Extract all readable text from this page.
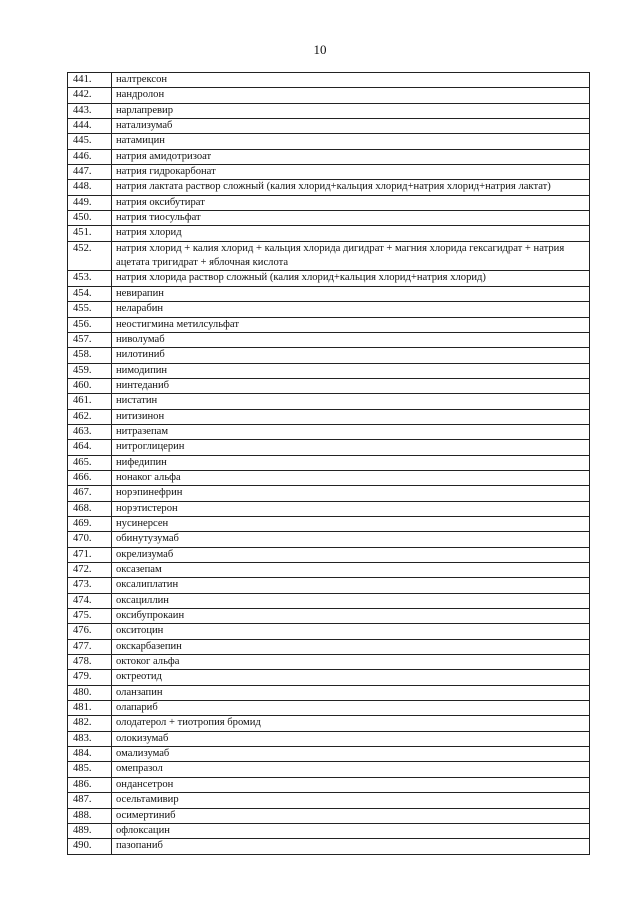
10
441.	налтрексон
442.	нандролон
443.	нарлапревир
444.	натализумаб
445.	натамицин
446.	натрия амидотризоат
447.	натрия гидрокарбонат
448.	натрия лактата раствор сложный (калия хлорид+кальция хлорид+натрия хлорид+натрия лактат)
449.	натрия оксибутират
450.	натрия тиосульфат
451.	натрия хлорид
452.	натрия хлорид + калия хлорид + кальция хлорида дигидрат + магния хлорида гексагидрат + натрия ацетата тригидрат + яблочная кислота
453.	натрия хлорида раствор сложный (калия хлорид+кальция хлорид+натрия хлорид)
454.	невирапин
455.	неларабин
456.	неостигмина метилсульфат
457.	ниволумаб
458.	нилотиниб
459.	нимодипин
460.	нинтеданиб
461.	нистатин
462.	нитизинон
463.	нитразепам
464.	нитроглицерин
465.	нифедипин
466.	нонаког альфа
467.	норэпинефрин
468.	норэтистерон
469.	нусинерсен
470.	обинутузумаб
471.	окрелизумаб
472.	оксазепам
473.	оксалиплатин
474.	оксациллин
475.	оксибупрокаин
476.	окситоцин
477.	окскарбазепин
478.	октоког альфа
479.	октреотид
480.	оланзапин
481.	олапариб
482.	олодатерол + тиотропия бромид
483.	олокизумаб
484.	омализумаб
485.	омепразол
486.	ондансетрон
487.	осельтамивир
488.	осимертиниб
489.	офлоксацин
490.	пазопаниб
